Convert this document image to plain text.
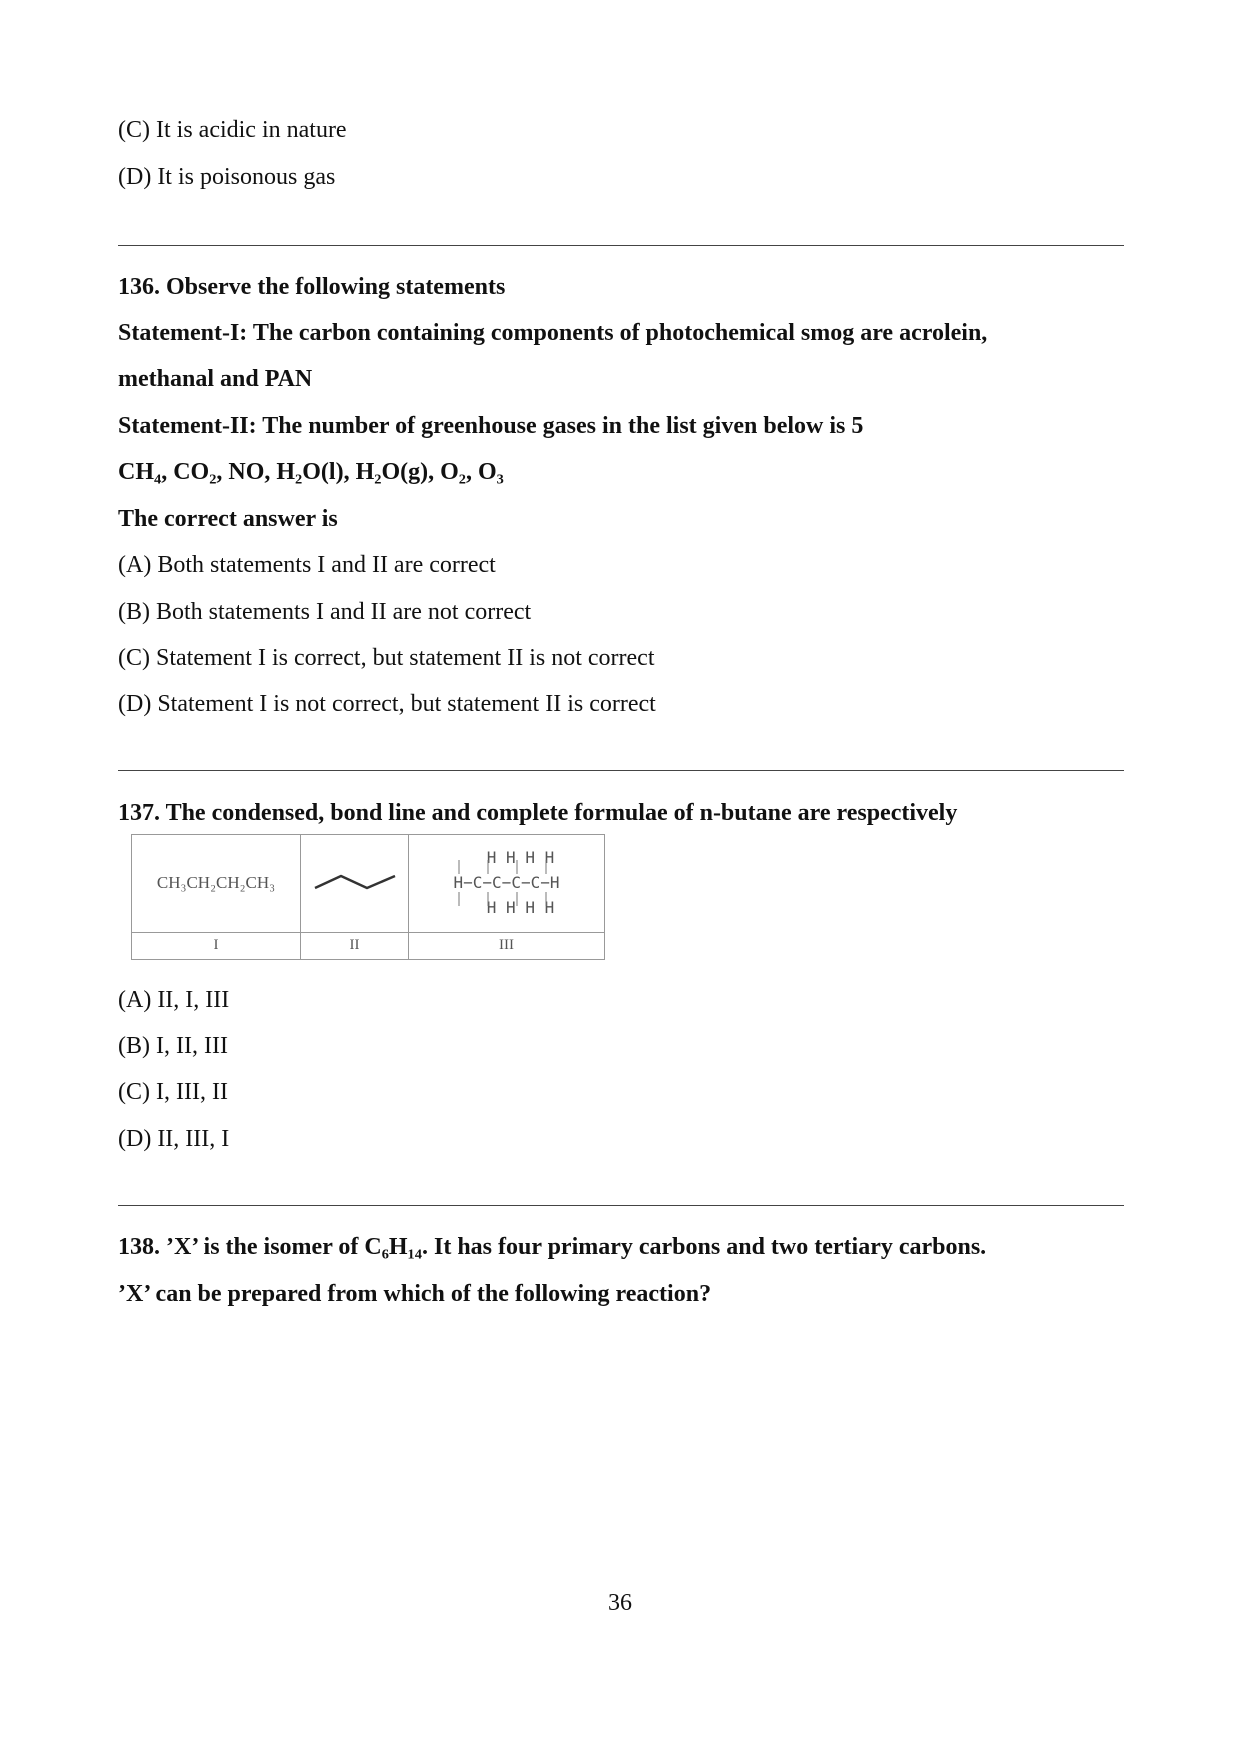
(C) It is acidic in nature
(D) It is poisonous gas
136. Observe the following statements
Statement-I: The carbon containing components of photochemical smog are acrolein,
methanal and PAN
Statement-II: The number of greenhouse gases in the list given below is 5
CH₄, CO₂, NO, H₂O(l), H₂O(g), O₂, O₃
The correct answer is
(A) Both statements I and II are correct
(B) Both statements I and II are not correct
(C) Statement I is correct, but statement II is not correct
(D) Statement I is not correct, but statement II is correct
137. The condensed, bond line and complete formulae of n-butane are respectively
CH₃CH₂CH₂CH₃		H H H H
H−C−C−C−C−H
H H H H

I	II	III
(A) II, I, III
(B) I, II, III
(C) I, III, II
(D) II, III, I
138. ’X’ is the isomer of C₆H₁₄. It has four primary carbons and two tertiary carbons.
’X’ can be prepared from which of the following reaction?
36
